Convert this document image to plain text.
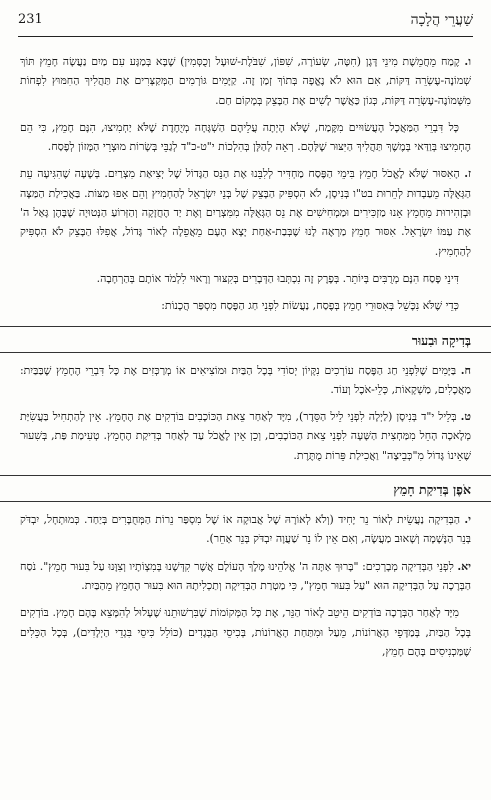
231	שַׁעֲרֵי הֲלָכָה

ו. קֶמַח מֵחֲמֵשֶׁת מִינֵי דָּגָן (חִטָּה, שְׂעוֹרָה, שִׁפּוֹן, שִׁבֹּלֶת-שׁוּעָל וְכֻסְּמִין) שֶׁבָּא בְּמַגָּע עִם מַיִם נַעֲשָׂה חָמֵץ תּוֹךְ שְׁמוֹנֶה-עֶשְׂרֵה דַּקּוֹת, אִם הוּא לֹא נֶאֱפָה בְּתוֹךְ זְמַן זֶה. קַיָּמִים גּוֹרְמִים הַמְּקַצְּרִים אֶת תַּהֲלִיךְ הַחִמּוּץ לִפְחוֹת מִשְּׁמוֹנֶה-עֶשְׂרֵה דַּקּוֹת, כְּגוֹן כַּאֲשֶׁר לָשִׁים אֶת הַבָּצֵק בְּמָקוֹם חַם.

כָּל דִּבְרֵי הַמַּאֲכָל הָעֲשׂוּיִים מִקֶּמַח, שֶׁלֹּא הָיְתָה עֲלֵיהֶם הַשְׁגָּחָה מְיֻחֶדֶת שֶׁלֹּא יַחְמִיצוּ, הִנָּם חָמֵץ, כִּי הֵם הֶחְמִיצוּ בְּוַדַּאי בְּמֶשֶׁךְ תַּהֲלִיךְ הַיִּצּוּר שֶׁלָּהֶם. רְאֵה לְהַלָּן בְּהִלְכוֹת י"ט-כ"ד לְגַבֵּי בְּשָׂרוֹת מוּצְרֵי הַמָּזוֹן לְפֶסַח.

ז. הָאִסּוּר שֶׁלֹּא לֶאֱכֹל חָמֵץ בִּימֵי הַפֶּסַח מַחְדִּיר לְלִבֵּנוּ אֶת הַנֵּס הַגָּדוֹל שֶׁל יְצִיאַת מִצְרַיִם. בְּשָׁעָה שֶׁהִגִּיעָה עֵת הַגְּאֻלָּה מֵעַבְדוּת לְחֵרוּת בט"ו בְּנִיסָן, לֹא הִסְפִּיק הַבָּצֵק שֶׁל בְּנֵי יִשְׂרָאֵל לְהַחְמִיץ וְהֵם אָפוּ מַצּוֹת. בַּאֲכִילַת הַמַּצָּה וּבְזְהִירוּת מֵחָמֵץ אָנוּ מַזְכִּירִים וּמַמְחִישִׁים אֶת נֵס הַגְּאֻלָּה מִמִּצְרַיִם וְאֶת יַד הֶחֲזָקָה וְהַזְּרוֹעַ הַנְּטוּיָה שֶׁבָּהֶן גָּאַל ה' אֶת עַמּוֹ יִשְׂרָאֵל. אִסּוּר חָמֵץ מַרְאֶה לָנוּ שֶׁבְּבַת-אַחַת יָצָא הָעָם מֵאֲפֵלָה לְאוֹר גָּדוֹל, אֲפִלּוּ הַבָּצֵק לֹא הִסְפִּיק לְהַחְמִיץ.

דִּינֵי פֶּסַח הִנָּם מְרֻבִּים בְּיוֹתֵר. בְּפֶרֶק זֶה נִכְתְּבוּ הַדְּבָרִים בְּקִצּוּר וְרָאוּי לִלְמֹד אוֹתָם בְּהַרְחָבָה.

כְּדֵי שֶׁלֹּא נִכָּשֵׁל בְּאִסּוּרֵי חָמֵץ בְּפֶסַח, נַעֲשׂוֹת לִפְנֵי חַג הַפֶּסַח מִסְפַּר הֲכָנוֹת:

בְּדִיקָה וּבִעוּר

ח. בַּיָּמִים שֶׁלִּפְנֵי חַג הַפֶּסַח עוֹרְכִים נִקָּיוֹן יְסוֹדִי בְּכָל הַבַּיִת וּמוֹצִיאִים אוֹ מְרַכְּזִים אֶת כָּל דִּבְרֵי הֶחָמֵץ שֶׁבַּבַּיִת: מַאֲכָלִים, מַשְׁקָאוֹת, כְּלֵי-אֹכֶל וְעוֹד.

ט. בְּלֵיל י"ד בְּנִיסָן (לַיְלָה לִפְנֵי לֵיל הַסֵּדֶר), מִיָּד לְאַחַר צֵאת הַכּוֹכָבִים בּוֹדְקִים אֶת הֶחָמֵץ. אֵין לְהַתְחִיל בַּעֲשִׂיַּת מְלָאכָה הָחֵל מִמַּחְצִית הַשָּׁעָה לִפְנֵי צֵאת הַכּוֹכָבִים, וְכֵן אֵין לֶאֱכֹל עַד לְאַחַר בְּדִיקַת הֶחָמֵץ. טְעִימַת פַּת, בְּשִׁעוּר שֶׁאֵינוֹ גָּדוֹל מִ"כְּבֵיצָה" וַאֲכִילַת פֵּרוֹת מֻתֶּרֶת.

אֹפֶן בְּדִיקַת חָמֵץ

י. הַבְּדִיקָה נַעֲשֵׂית לְאוֹר נֵר יָחִיד (וְלֹא לְאוֹרָהּ שֶׁל אֲבוּקָה אוֹ שֶׁל מִסְפַּר נֵרוֹת הַמְּחֻבָּרִים בְּיַחַד. כְּמוּתְחָל, יִבְדֹּק בְּנֵר הַנָּשָׁמָה וְשָׁאוּב מַעֲשֶׂה, וְאִם אֵין לוֹ נֵר שַׁעֲוָה יִבְדֹּק בְּנֵר אַחֵר).

יא. לִפְנֵי הַבְּדִיקָה מְבָרְכִים: "בָּרוּךְ אַתָּה ה' אֱלֹהֵינוּ מֶלֶךְ הָעוֹלָם אֲשֶׁר קִדְּשָׁנוּ בְּמִצְוֹתָיו וְצִוָּנוּ עַל בִּעוּר חָמֵץ". נֹסַח הַבְּרָכָה עַל הַבְּדִיקָה הוּא "עַל בִּעוּר חָמֵץ", כִּי מַטְרַת הַבְּדִיקָה וְתַכְלִיתָהּ הוּא בִּעוּר הֶחָמֵץ מֵהַבַּיִת.

מִיָּד לְאַחַר הַבְּרָכָה בּוֹדְקִים הֵיטֵב לְאוֹר הַנֵּר, אֶת כָּל הַמְּקוֹמוֹת שֶׁבִּרְשׁוּתֵנוּ שֶׁעָלוּל לְהִמָּצֵא בָּהֶם חָמֵץ. בּוֹדְקִים בְּכָל הַבַּיִת, בְּמַדָּפֵי הָאֲרוֹנוֹת, מֵעַל וּמִתַּחַת הָאֲרוֹנוֹת, בְּכִיסֵי הַבְּגָדִים (כּוֹלֵל כִּיסֵי בִּגְדֵי הַיְלָדִים), בְּכָל הַכֵּלִים שֶׁמַּכְנִיסִים בָּהֶם חָמֵץ,
